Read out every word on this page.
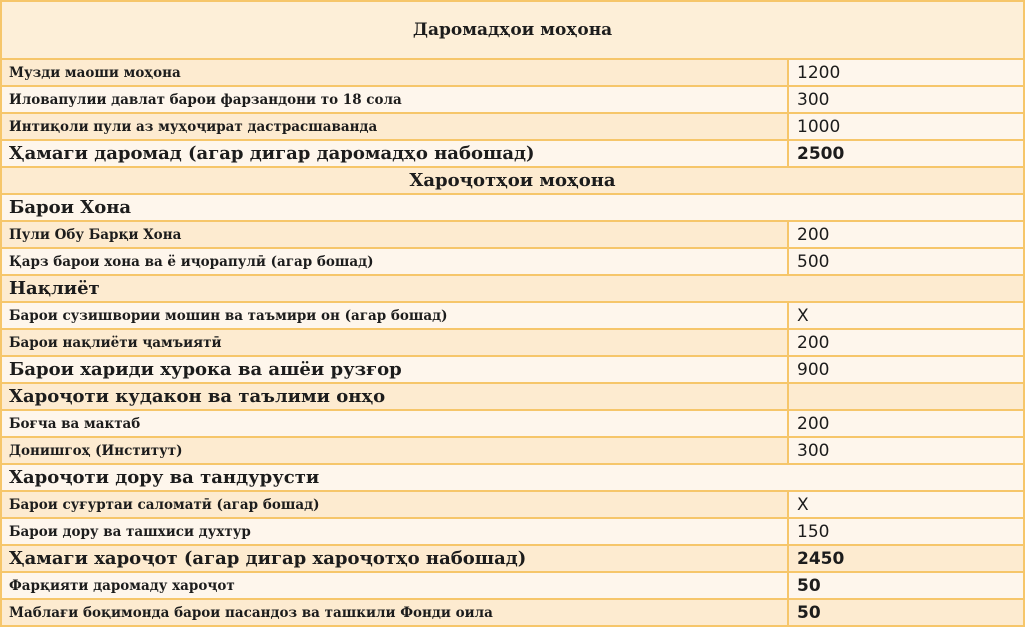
Даромадҳои моҳона
Музди маоши моҳона	1200
Иловапулии давлат барои фарзандони то 18 сола	300
Интиқоли пули аз муҳоҷират дастрасшаванда	1000
Ҳамаги даромад (агар дигар даромадҳо набошад)	2500
Хароҷотҳои моҳона
Барои Хона
Пули Обу Барқи Хона	200
Қарз барои хона ва ё иҷорапулӣ (агар бошад)	500
Нақлиёт
Барои сузишвории мошин ва таъмири он (агар бошад)	X
Барои нақлиёти ҷамъиятӣ	200
Барои хариди хурока ва ашёи рузғор	900
Хароҷоти кудакон ва таълими онҳо
Боғча ва мактаб	200
Донишгоҳ (Институт)	300
Хароҷоти дору ва тандурусти
Барои суғуртаи саломатӣ (агар бошад)	X
Барои дору ва ташхиси духтур	150
Ҳамаги хароҷот (агар дигар хароҷотҳо набошад)	2450
Фарқияти даромаду хароҷот	50
Маблағи боқимонда барои пасандоз ва ташкили Фонди оила	50
